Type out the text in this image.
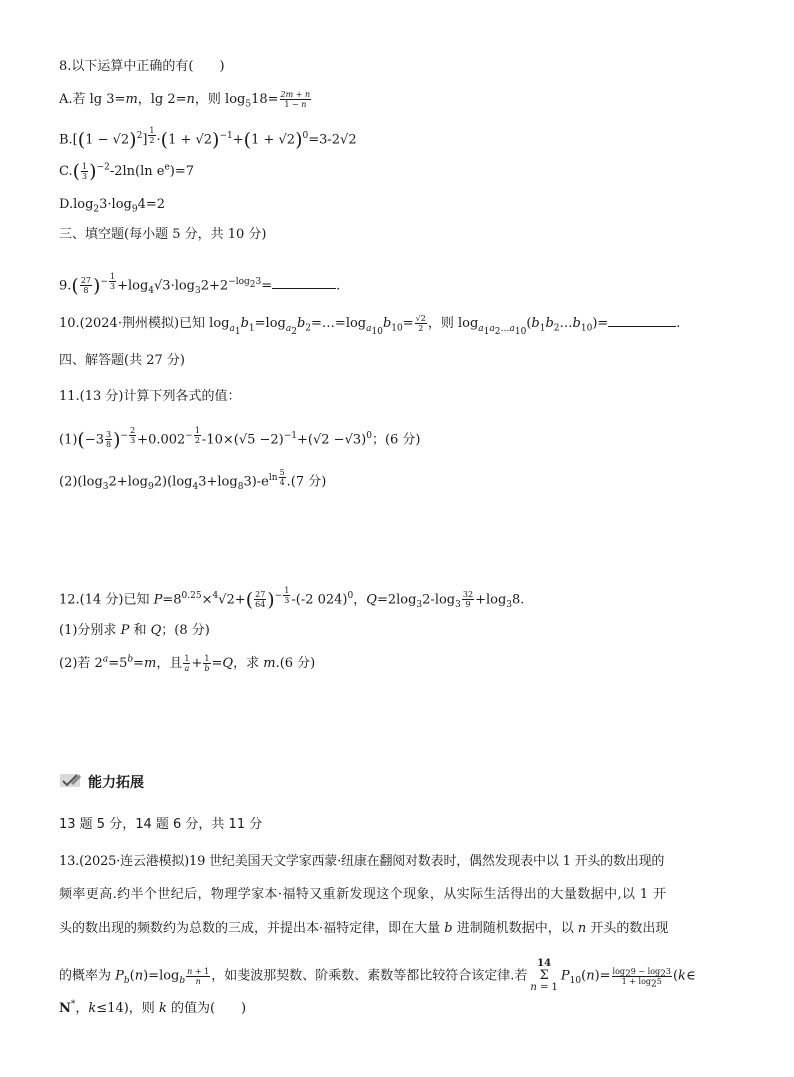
8.以下运算中正确的有(　　)
A.若 lg 3=m，lg 2=n，则 $\log_518= \frac{2m + n}{1 - n}$
$B.[(1 - √2)^2]$ $^{\frac{1}{2}} \cdot(1 + √2)^{-1}+(1 + √2)^0=3-2√2$
$C.( \frac{1}{3} )^{-2}-2\ln(\ln$ $e^e)=7$
$D.\log_23\cdot\log_94=2$
三、填空题(每小题 5 分，共 10 分)
$9.( \frac{27}{8} )^{- \frac{1}{3}} +\log_4√3\cdot\log_32+2^{-log_23}=$	.
10.(2024·荆州模拟)已知 $\log_{a_1}b_1=\log_{a_2}b_2=\dots=\log_{a_{10}}b_{10}= \frac{√2}{2}$ ，则 $\log_{a_1a_2\dots a_{10}}(b_1b_2\dots b_{10})=$	.
四、解答题(共 27 分)
11.(13 分)计算下列各式的值：
$(1)(-3 \frac{3}{8} )^{- \frac{2}{3}} +0.002^{- \frac{1}{2}}$ $-10\times(√5 -2)^{-1}+(√2 -√3)^0$；(6 分)
$(2)(\log_32+\log_92)(\log_43+\log_83)-e^{ln \frac{5}{4}}$ .(7 分)
12.(14 分)已知 $P=8^{0.25}\times^4√2+( \frac{27}{64} )^{- \frac{1}{3}}$ -(-2 024)$^0$，$Q=2\log_32-\log_3 \frac{32}{9} +\log_38$.
(1)分别求 P 和 Q；(8 分)
(2)若 $2^a=5^b=m$，且 $\frac{1}{a} + \frac{1}{b} =Q$，求 m.(6 分)
能力拓展
13 题 5 分，14 题 6 分，共 11 分
13.(2025·连云港模拟)19 世纪美国天文学家西蒙·纽康在翻阅对数表时，偶然发现表中以 1 开头的数出现的
频率更高.约半个世纪后，物理学家本·福特又重新发现这个现象，从实际生活得出的大量数据中,以 1 开
头的数出现的频数约为总数的三成，并提出本·福特定律，即在大量 b 进制随机数据中，以 n 开头的数出现
的概率为 $P_b(n)=\log_b \frac{n + 1}{n}$ ，如斐波那契数、阶乘数、素数等都比较符合该定律.若
14
Σ
n = 1
$P_{10}(n)= \frac{\log_29 - \log_23}{1 + \log_25}$ (k∈
N*，k≤14)，则 k 的值为(　　)
